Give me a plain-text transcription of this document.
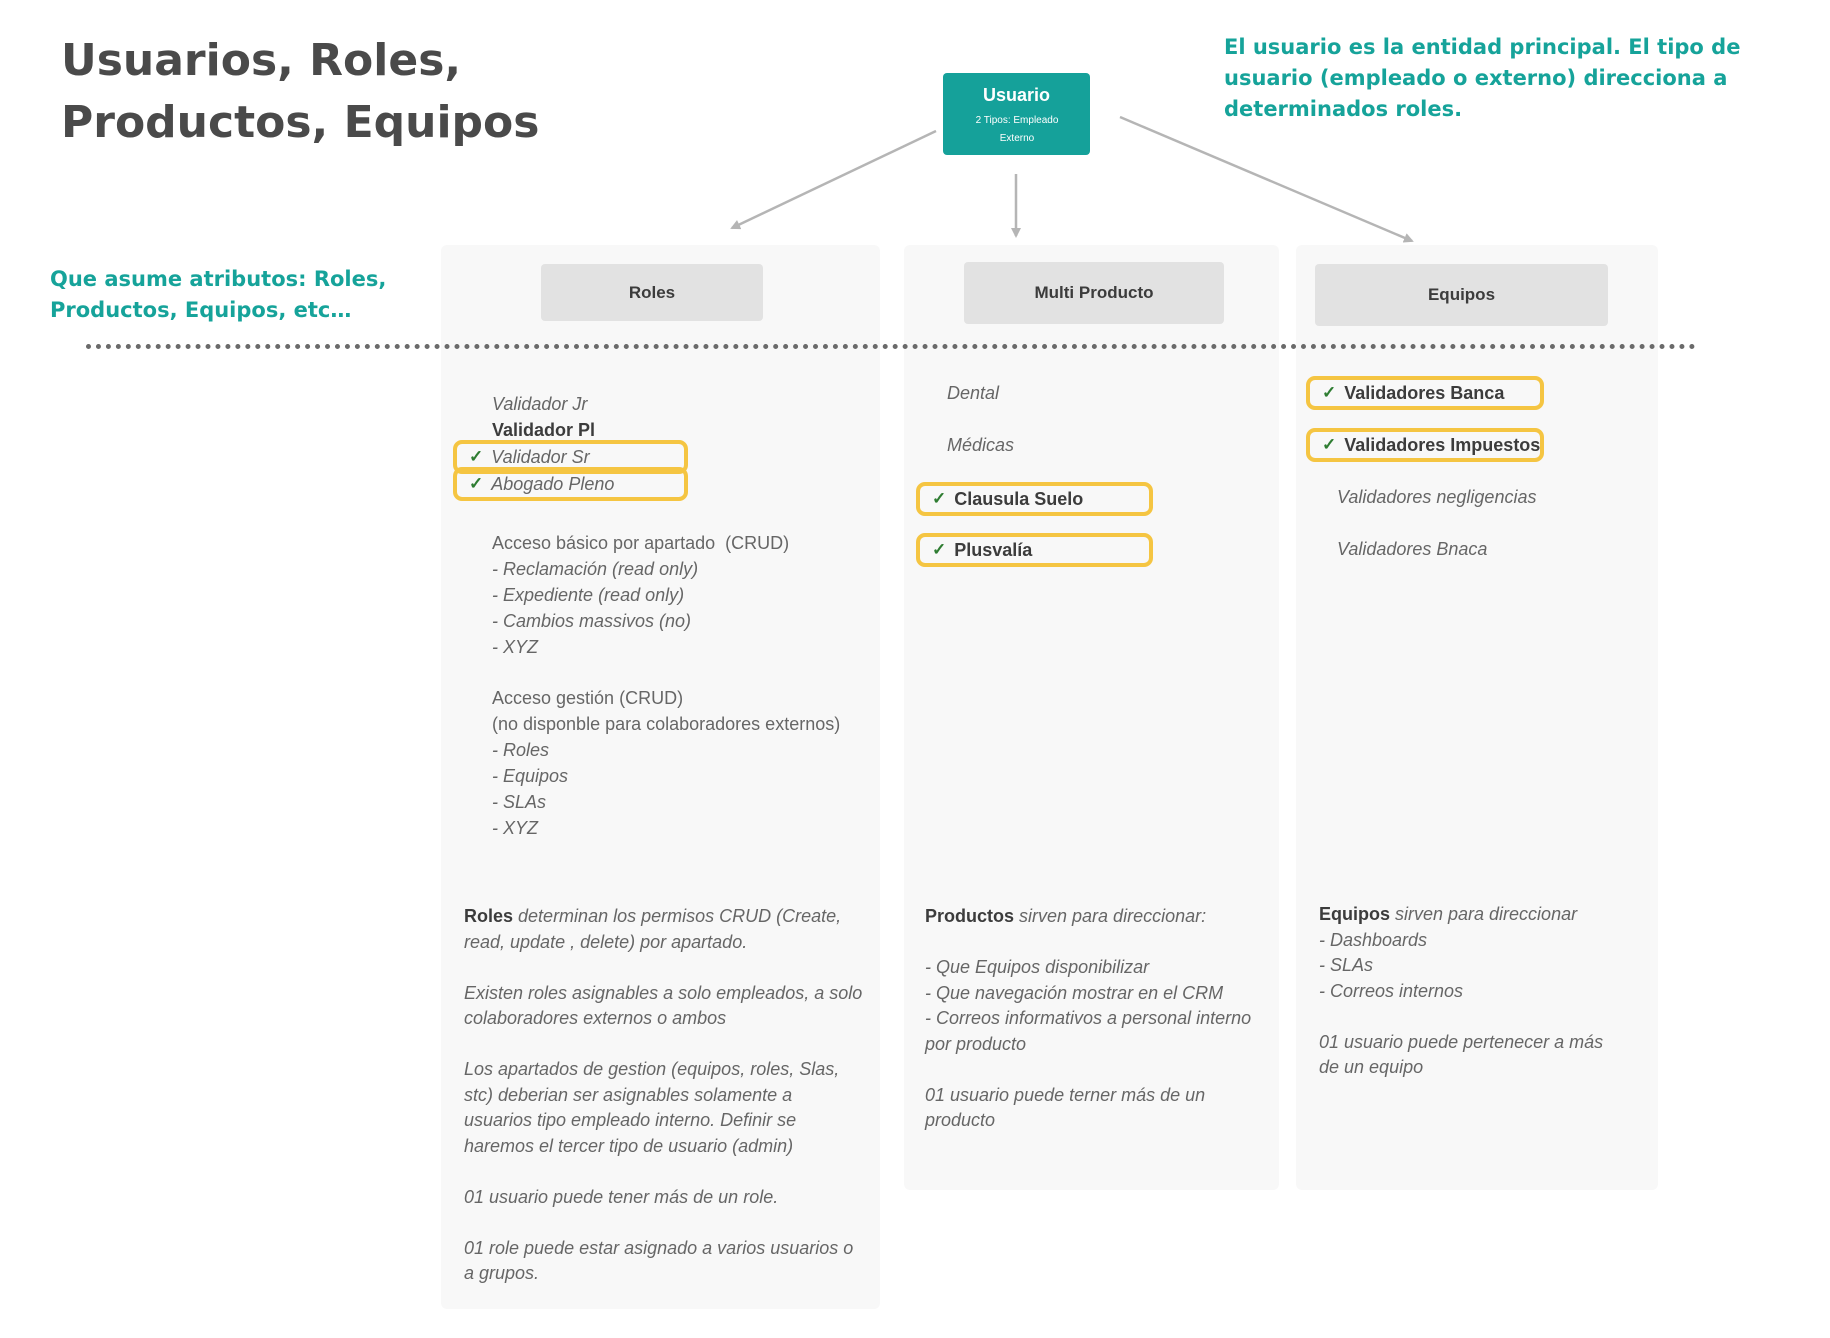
Usuarios, Roles, Productos, Equipos
El usuario es la entidad principal. El tipo de usuario (empleado o externo) direcciona a determinados roles.
Que asume atributos: Roles, Productos, Equipos, etc…
Usuario
2 Tipos: Empleado Externo
Roles	Multi Producto	Equipos
Validador Jr
Validador Pl
✓ Validador Sr
✓ Abogado Pleno
Acceso básico por apartado  (CRUD)
- Reclamación (read only)
- Expediente (read only)
- Cambios massivos (no)
- XYZ
Acceso gestión (CRUD)
(no disponble para colaboradores externos)
- Roles
- Equipos
- SLAs
- XYZ

Roles determinan los permisos CRUD (Create, read, update , delete) por apartado.

Existen roles asignables a solo empleados, a solo colaboradores externos o ambos

Los apartados de gestion (equipos, roles, Slas, stc) deberian ser asignables solamente a usuarios tipo empleado interno. Definir se haremos el tercer tipo de usuario (admin)

01 usuario puede tener más de un role.

01 role puede estar asignado a varios usuarios o a grupos.

Dental
Médicas
✓ Clausula Suelo
✓ Plusvalía

Productos sirven para direccionar:

- Que Equipos disponibilizar
- Que navegación mostrar en el CRM
- Correos informativos a personal interno por producto

01 usuario puede terner más de un producto

✓ Validadores Banca
✓ Validadores Impuestos
Validadores negligencias
Validadores Bnaca

Equipos sirven para direccionar
- Dashboards
- SLAs
- Correos internos

01 usuario puede pertenecer a más de un equipo
